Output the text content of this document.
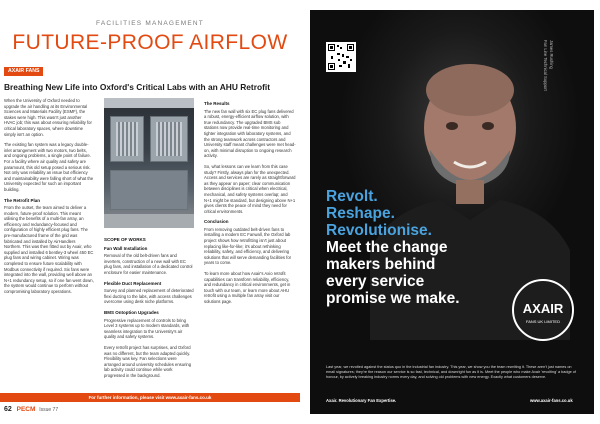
FACILITIES MANAGEMENT
FUTURE-PROOF AIRFLOW
AXAIR FANS
Breathing New Life into Oxford's Critical Labs with an AHU Retrofit

When the University of Oxford needed to upgrade the air handling at its Environmental Sciences and Materials Facility (ESMF), the stakes were high. This wasn't just another HVAC job; this was about ensuring reliability for critical laboratory spaces, where downtime simply isn't an option.

The existing fan system was a legacy double-inlet arrangement with two motors, two belts, and ongoing problems, a single point of failure. For a facility where air quality and safety are paramount, this old setup posed a serious risk. Not only was reliability an issue but efficiency and maintainability were falling short of what the University expected for such an important building.

The Retrofit Plan

From the outset, the team aimed to deliver a modern, future-proof solution. This meant utilising the benefits of a multi-fan array, an efficiency and redundancy-focused and configuration of highly efficient plug fans. The pre-manufactured frame of the grid was fabricated and installed by AirHandlers Northern. This was then fitted out by Axair, who supplied and installed 6 bentley-3 wheel 450 EC plug fans and wiring cabinet. Wiring was completed to ensure future scalability with Modbus connectivity if required. Six fans were integrated into the wall, providing well above an N+1 redundancy setup, so if one fan went down, the system would continue to perform without compromising laboratory operations.

SCOPE OF WORKS
Fan Wall Installation

Removal of the old belt-driven fans and inverters, construction of a new wall with EC plug fans, and installation of a dedicated control enclosure for easier maintenance.

Flexible Duct Replacement

Survey and planned replacement of deteriorated flexi ducting to the labs, with access challenges overcome using desk niche platforms.

BMS Ontoption Upgrades

Progressive replacement of controls to bring Level 3 systems up to modern standards, with seamless integration to the University's air quality and safety systems.

Every retrofit project has surprises, and Oxford was no different, but the team adapted quickly. Flexibility was key. Fan selections were arranged around university schedules ensuring lab activity could continue while work progressed in the background.

The Results

The new fan wall with six EC plug fans delivered a robust, energy-efficient airflow solution, with true redundancy. The upgraded BMS sub stations now provide real-time monitoring and tighter integration with laboratory systems, and the strong teamwork across contractors and University staff meant challenges were met head-on, with minimal disruption to ongoing research activity.

So, what lessons can we learn from this case study? Firstly, always plan for the unexpected. Access and services are rarely as straightforward as they appear on paper; clear communication between disciplines is critical when electrical, mechanical, and safety systems overlap; and N+1 might be standard, but designing above N+1 gives clients the peace of mind they need for critical environments.

Conclusion

From removing outdated belt-driven fans to installing a modern EC Fanwall, the Oxford lab project shows how retrofitting isn't just about replacing like-for-like; it's about rethinking reliability, safety, and efficiency, and delivering solutions that will serve demanding facilities for years to come.

To learn more about how Axair's Axio retrofit capabilities can transform reliability, efficiency, and redundancy in critical environments, get in touch with our team, or learn more about AHU retrofit using a multiple fan array visit our solutions page.

For further information, please visit www.axair-fans.co.uk
62 PECM Issue 77
James Rushing
Fan Line Technical Support
Revolt.
Reshape.
Revolutionise.
Meet the change makers behind every service promise we make.
AXAIR
FANS UK LIMITED

Last year, we revolted against the status quo in the industrial fan industry. This year, we show you the team rewriting it. These aren't just names on email signatures; they're the reason our service is so fast, technical, and downright fun as it is. Meet the people who make Axair 'revolting' a badge of honour, by actively breaking industry norms every day, and solving old problems with new energy. Exactly what customers deserve.

Axair. Revolutionary Fan Expertise.	www.axair-fans.co.uk
